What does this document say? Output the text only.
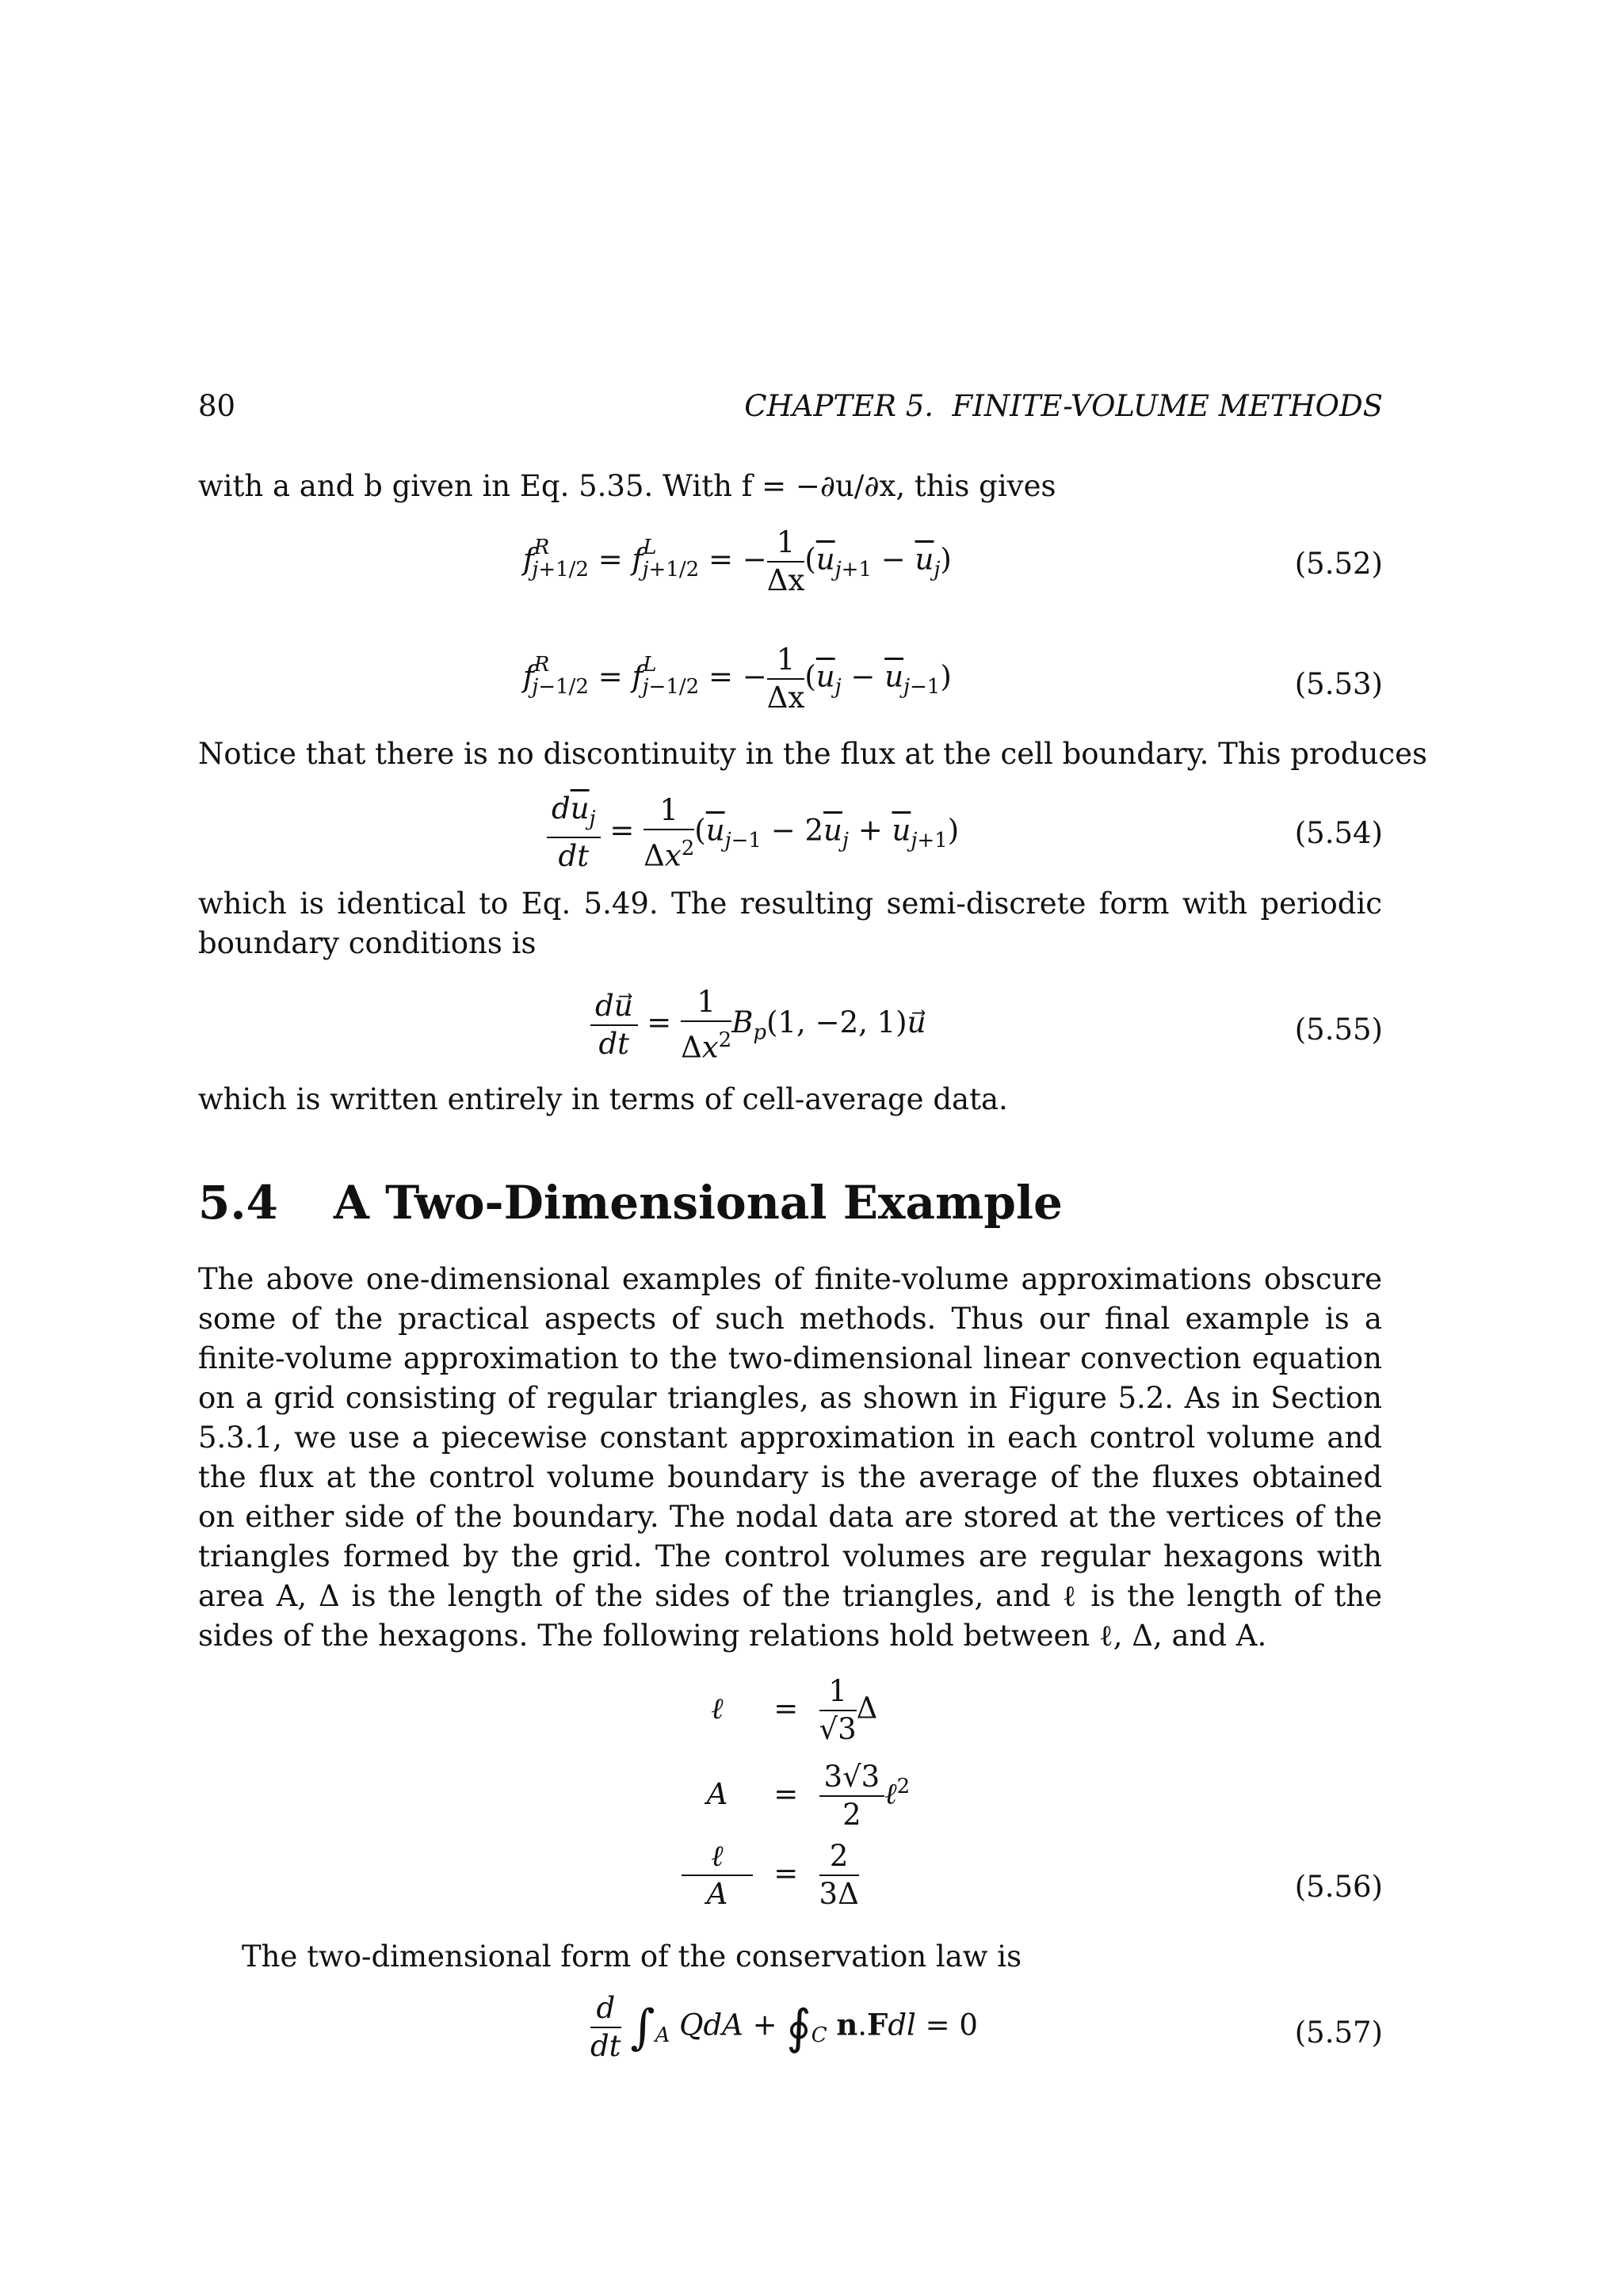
80	CHAPTER 5.  FINITE-VOLUME METHODS
with a and b given in Eq. 5.35. With f = −∂u/∂x, this gives
$f^R_{j+1/2} = f^L_{j+1/2}$ = − $\frac{1}{\Delta x} (\overline{u}_{j+1} - \overline{u}_j)$	(5.52)
$f^R_{j-1/2} = f^L_{j-1/2}$ = − $\frac{1}{\Delta x} (\overline{u}_j - \overline{u}_{j-1})$	(5.53)
Notice that there is no discontinuity in the flux at the cell boundary. This produces
$\frac{d\overline{u}_j}{dt} = \frac{1}{\Delta x^2} (\overline{u}_{j-1} - 2\overline{u}_j + \overline{u}_{j+1})$	(5.54)

which is identical to Eq. 5.49. The resulting semi-discrete form with periodic boundary conditions is

$\frac{du}{dt} = \frac{1}{\Delta x^2} B_p(1$, −2, 1)u	(5.55)
which is written entirely in terms of cell-average data.
5.4 A Two-Dimensional Example

The above one-dimensional examples of finite-volume approximations obscure some of the practical aspects of such methods. Thus our final example is a finite-volume approximation to the two-dimensional linear convection equation on a grid consisting of regular triangles, as shown in Figure 5.2. As in Section 5.3.1, we use a piecewise constant approximation in each control volume and the flux at the control volume boundary is the average of the fluxes obtained on either side of the boundary. The nodal data are stored at the vertices of the triangles formed by the grid. The control volumes are regular hexagons with area A, Δ is the length of the sides of the triangles, and ℓ is the length of the sides of the hexagons. The following relations hold between ℓ, Δ, and A.

ℓ = $\frac{1}{√3}$ Δ
$A = \frac{3√3}{2}$ ℓ$^2$
$\frac{\text{ℓ}}{A} = \frac{2}{3\Delta}$	(5.56)
The two-dimensional form of the conservation law is
$\frac{d}{dt} \int_A$ QdA + $∮_C$ n.Fdl = 0	(5.57)
